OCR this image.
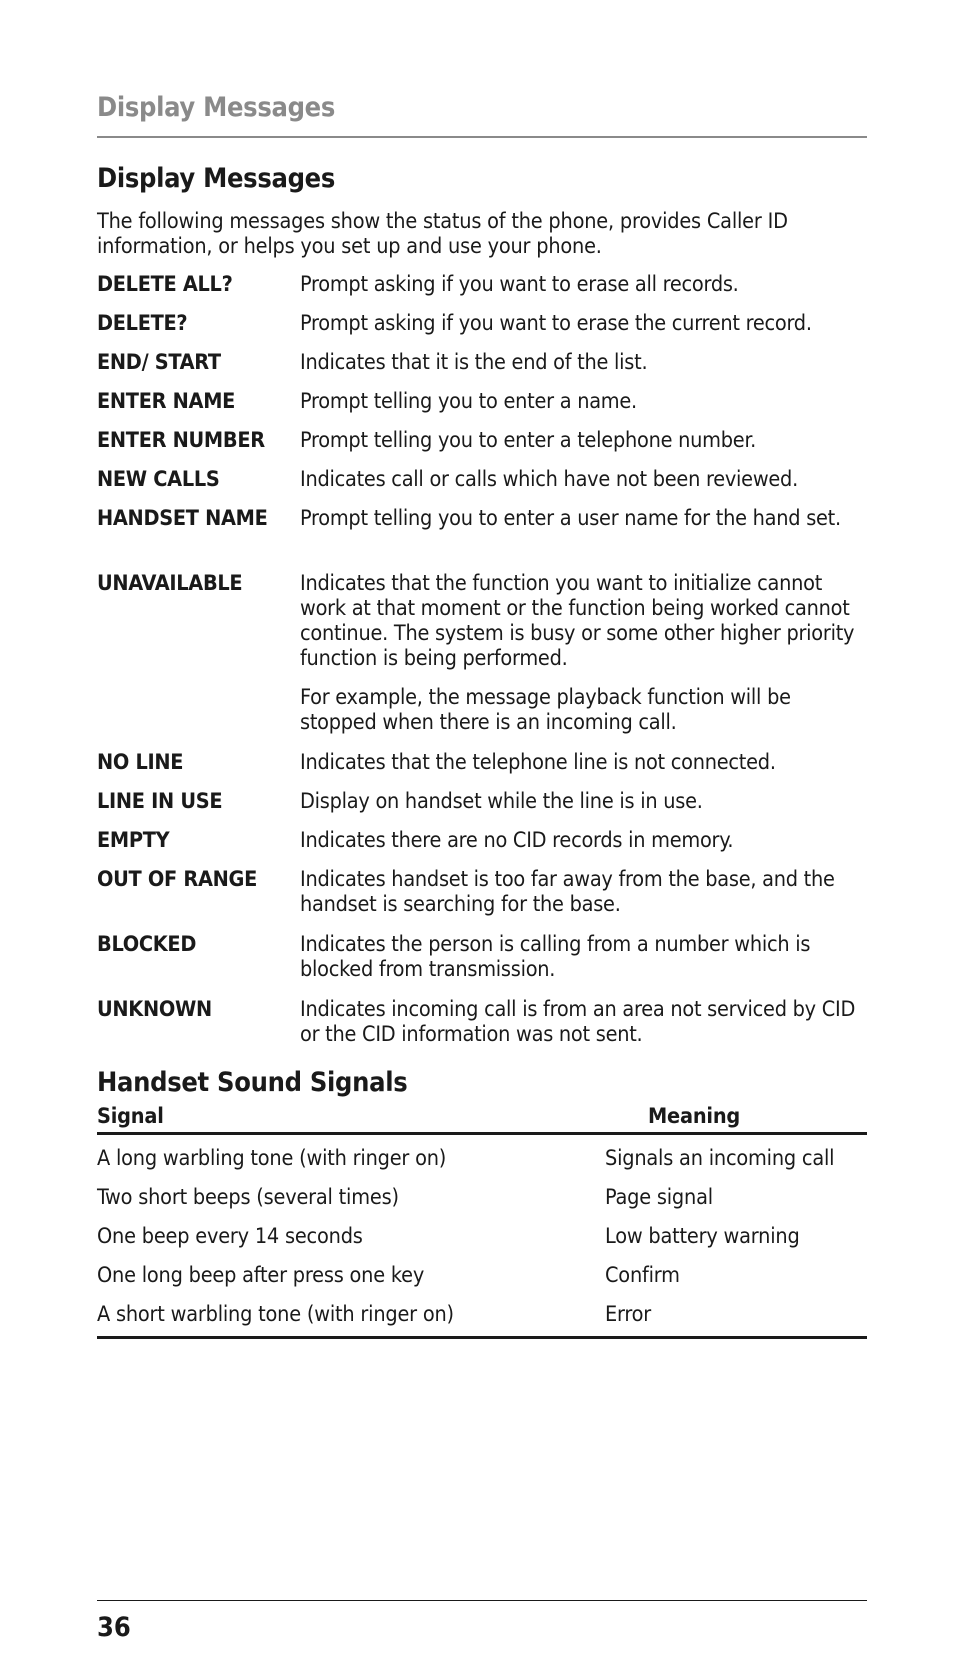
Display Messages
Display Messages
The following messages show the status of the phone, provides Caller ID information, or helps you set up and use your phone.
DELETE ALL?	Prompt asking if you want to erase all records.
DELETE?	Prompt asking if you want to erase the current record.
END/ START	Indicates that it is the end of the list.
ENTER NAME	Prompt telling you to enter a name.
ENTER NUMBER	Prompt telling you to enter a telephone number.
NEW CALLS	Indicates call or calls which have not been reviewed.
HANDSET NAME	Prompt telling you to enter a user name for the hand set.
UNAVAILABLE	Indicates that the function you want to initialize cannot work at that moment or the function being worked cannot continue. The system is busy or some other higher priority function is being performed.
For example, the message playback function will be stopped when there is an incoming call.
NO LINE	Indicates that the telephone line is not connected.
LINE IN USE	Display on handset while the line is in use.
EMPTY	Indicates there are no CID records in memory.
OUT OF RANGE	Indicates handset is too far away from the base, and the handset is searching for the base.
BLOCKED	Indicates the person is calling from a number which is blocked from transmission.
UNKNOWN	Indicates incoming call is from an area not serviced by CID or the CID information was not sent.
Handset Sound Signals
Signal	Meaning
A long warbling tone (with ringer on)	Signals an incoming call
Two short beeps (several times)	Page signal
One beep every 14 seconds	Low battery warning
One long beep after press one key	Confirm
A short warbling tone (with ringer on)	Error
36
